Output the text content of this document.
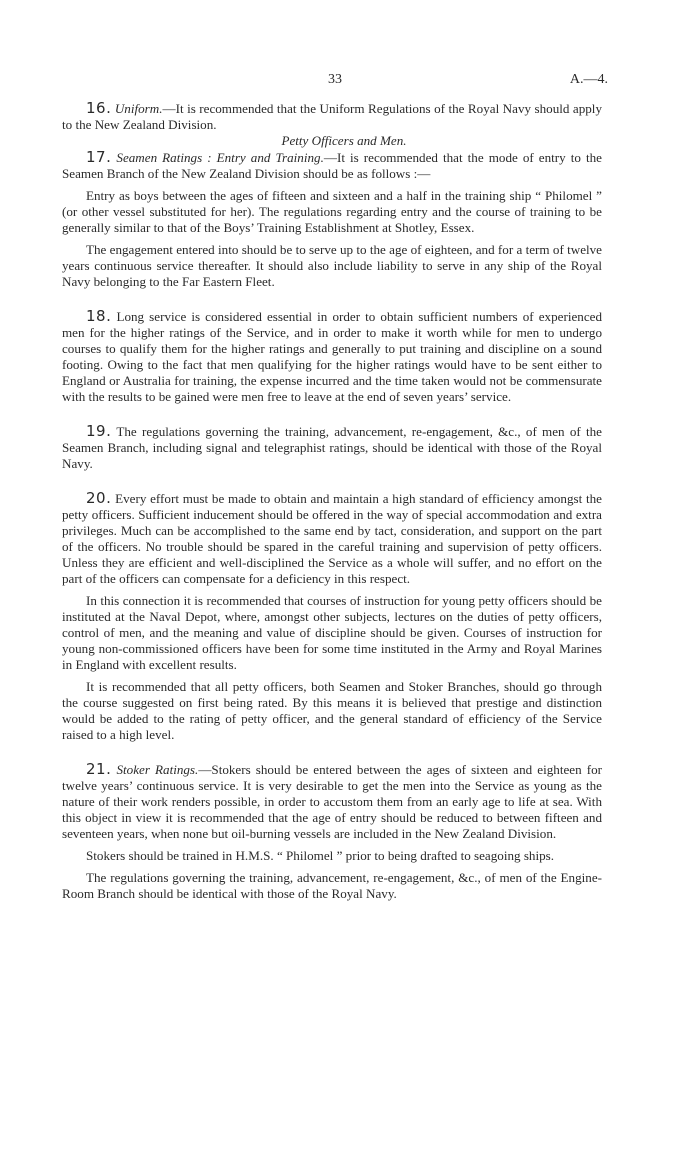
33	A.—4.

16. Uniform.—It is recommended that the Uniform Regulations of the Royal Navy should apply to the New Zealand Division.

Petty Officers and Men.

17. Seamen Ratings : Entry and Training.—It is recommended that the mode of entry to the Seamen Branch of the New Zealand Division should be as follows :—

Entry as boys between the ages of fifteen and sixteen and a half in the training ship “ Philomel ” (or other vessel substituted for her). The regulations regarding entry and the course of training to be generally similar to that of the Boys’ Training Establishment at Shotley, Essex.

The engagement entered into should be to serve up to the age of eighteen, and for a term of twelve years continuous service thereafter. It should also include liability to serve in any ship of the Royal Navy belonging to the Far Eastern Fleet.

18. Long service is considered essential in order to obtain sufficient numbers of experienced men for the higher ratings of the Service, and in order to make it worth while for men to undergo courses to qualify them for the higher ratings and generally to put training and discipline on a sound footing. Owing to the fact that men qualifying for the higher ratings would have to be sent either to England or Australia for training, the expense incurred and the time taken would not be commensurate with the results to be gained were men free to leave at the end of seven years’ service.

19. The regulations governing the training, advancement, re-engagement, &c., of men of the Seamen Branch, including signal and telegraphist ratings, should be identical with those of the Royal Navy.

20. Every effort must be made to obtain and maintain a high standard of efficiency amongst the petty officers. Sufficient inducement should be offered in the way of special accommodation and extra privileges. Much can be accomplished to the same end by tact, consideration, and support on the part of the officers. No trouble should be spared in the careful training and supervision of petty officers. Unless they are efficient and well-disciplined the Service as a whole will suffer, and no effort on the part of the officers can compensate for a deficiency in this respect.

In this connection it is recommended that courses of instruction for young petty officers should be instituted at the Naval Depot, where, amongst other subjects, lectures on the duties of petty officers, control of men, and the meaning and value of discipline should be given. Courses of instruction for young non-commissioned officers have been for some time instituted in the Army and Royal Marines in England with excellent results.

It is recommended that all petty officers, both Seamen and Stoker Branches, should go through the course suggested on first being rated. By this means it is believed that prestige and distinction would be added to the rating of petty officer, and the general standard of efficiency of the Service raised to a high level.

21. Stoker Ratings.—Stokers should be entered between the ages of sixteen and eighteen for twelve years’ continuous service. It is very desirable to get the men into the Service as young as the nature of their work renders possible, in order to accustom them from an early age to life at sea. With this object in view it is recommended that the age of entry should be reduced to between fifteen and seventeen years, when none but oil-burning vessels are included in the New Zealand Division.

Stokers should be trained in H.M.S. “ Philomel ” prior to being drafted to seagoing ships.

The regulations governing the training, advancement, re-engagement, &c., of men of the Engine-Room Branch should be identical with those of the Royal Navy.
